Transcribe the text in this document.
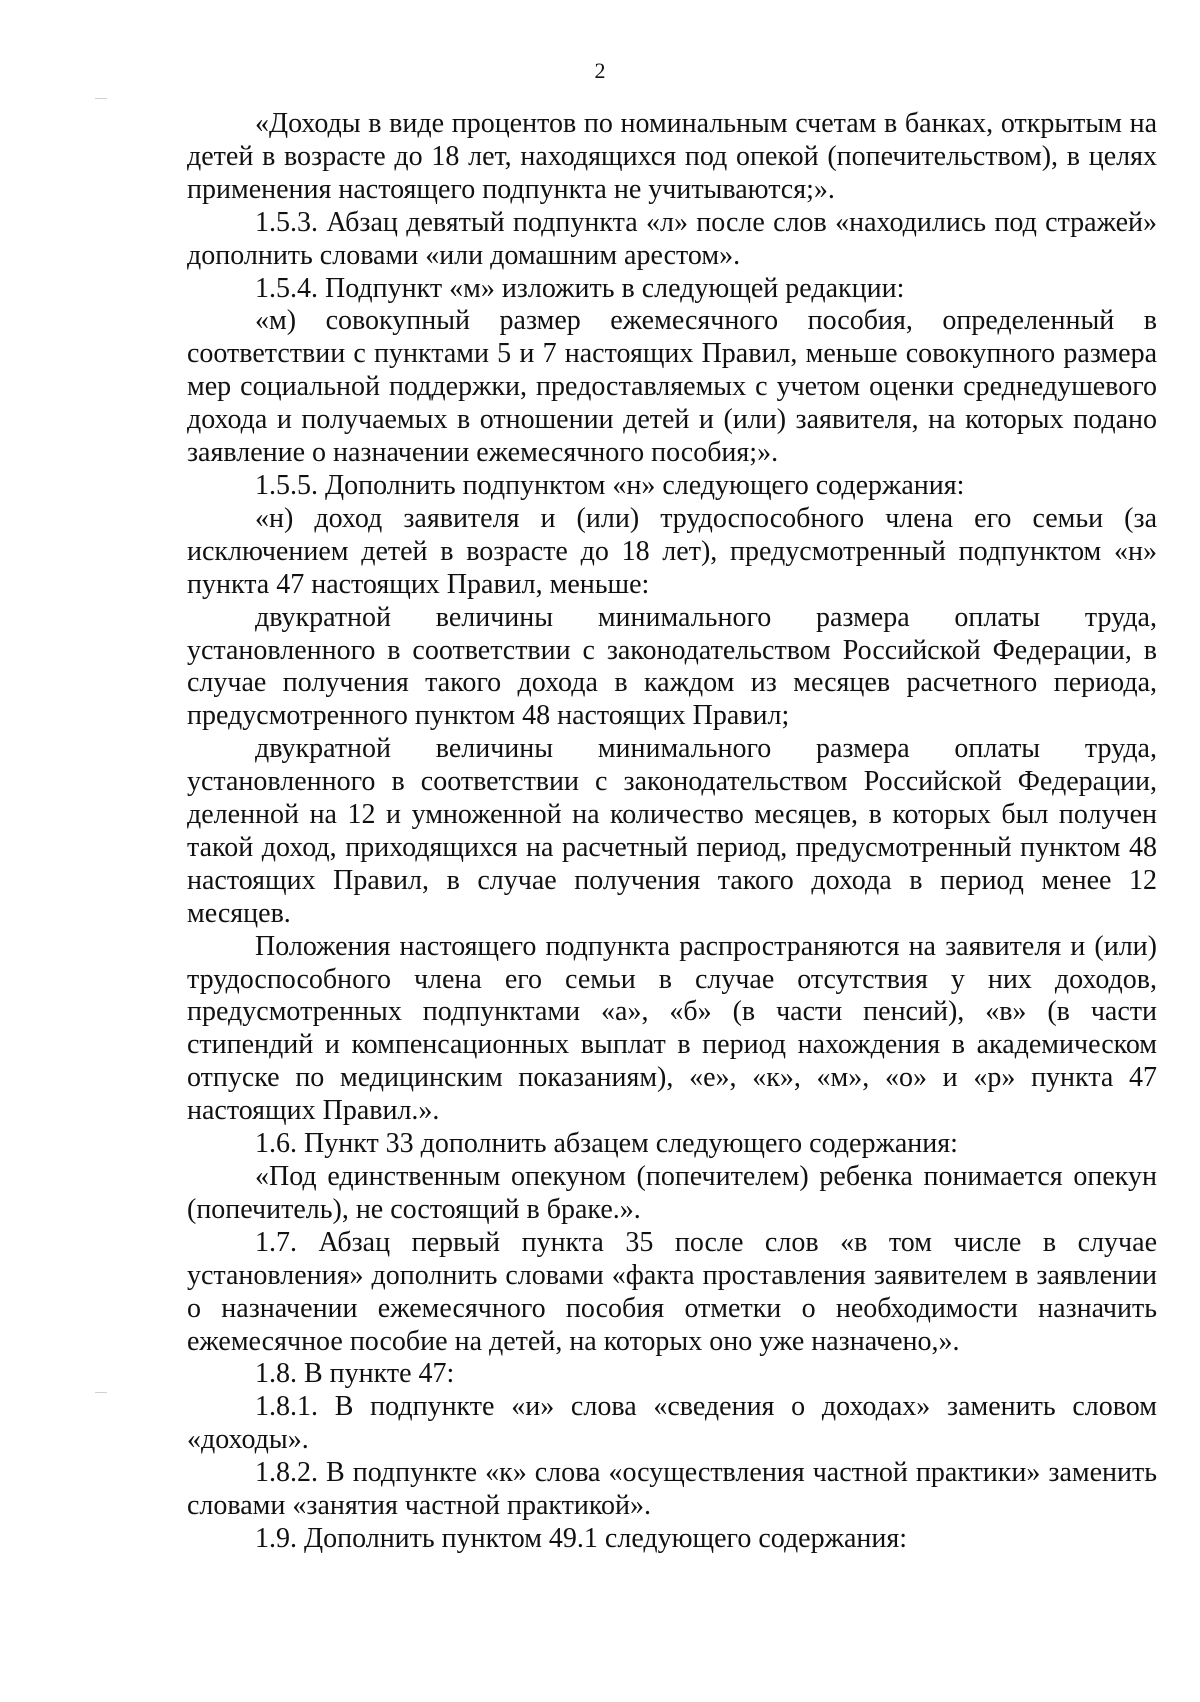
2

«Доходы в виде процентов по номинальным счетам в банках, открытым на детей в возрасте до 18 лет, находящихся под опекой (попечительством), в целях применения настоящего подпункта не учитываются;».

1.5.3. Абзац девятый подпункта «л» после слов «находились под стражей» дополнить словами «или домашним арестом».

1.5.4. Подпункт «м» изложить в следующей редакции:

«м) совокупный размер ежемесячного пособия, определенный в соответствии с пунктами 5 и 7 настоящих Правил, меньше совокупного размера мер социальной поддержки, предоставляемых с учетом оценки среднедушевого дохода и получаемых в отношении детей и (или) заявителя, на которых подано заявление о назначении ежемесячного пособия;».

1.5.5. Дополнить подпунктом «н» следующего содержания:

«н) доход заявителя и (или) трудоспособного члена его семьи (за исключением детей в возрасте до 18 лет), предусмотренный подпунктом «н» пункта 47 настоящих Правил, меньше:

двукратной величины минимального размера оплаты труда, установленного в соответствии с законодательством Российской Федерации, в случае получения такого дохода в каждом из месяцев расчетного периода, предусмотренного пунктом 48 настоящих Правил;

двукратной величины минимального размера оплаты труда, установленного в соответствии с законодательством Российской Федерации, деленной на 12 и умноженной на количество месяцев, в которых был получен такой доход, приходящихся на расчетный период, предусмотренный пунктом 48 настоящих Правил, в случае получения такого дохода в период менее 12 месяцев.

Положения настоящего подпункта распространяются на заявителя и (или) трудоспособного члена его семьи в случае отсутствия у них доходов, предусмотренных подпунктами «а», «б» (в части пенсий), «в» (в части стипендий и компенсационных выплат в период нахождения в академическом отпуске по медицинским показаниям), «е», «к», «м», «о» и «р» пункта 47 настоящих Правил.».

1.6. Пункт 33 дополнить абзацем следующего содержания:

«Под единственным опекуном (попечителем) ребенка понимается опекун (попечитель), не состоящий в браке.».

1.7. Абзац первый пункта 35 после слов «в том числе в случае установления» дополнить словами «факта проставления заявителем в заявлении о назначении ежемесячного пособия отметки о необходимости назначить ежемесячное пособие на детей, на которых оно уже назначено,».

1.8. В пункте 47:

1.8.1. В подпункте «и» слова «сведения о доходах» заменить словом «доходы».

1.8.2. В подпункте «к» слова «осуществления частной практики» заменить словами «занятия частной практикой».

1.9. Дополнить пунктом 49.1 следующего содержания:
